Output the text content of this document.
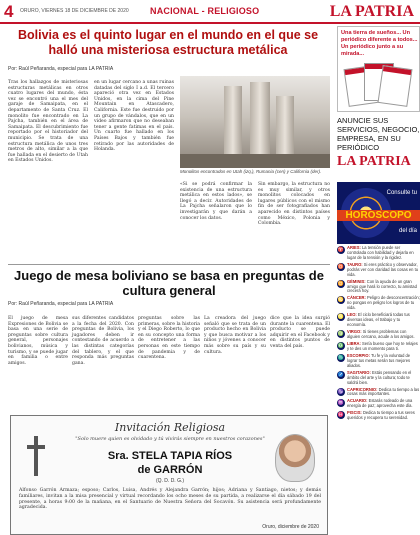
4 ORURO, VIERNES 18 DE DICIEMBRE DE 2020 NACIONAL - RELIGIOSO	LA PATRIA
Bolivia es el quinto lugar en el mundo en el que se halló una misteriosa estructura metálica
Por: Raúl Peñaranda, especial para LA PATRIA

Tras los hallazgos de misteriosas estructuras metálicas en otros cuatro lugares del mundo, ésta vez se encontró una el mes del garaje de Samaipata, en el departamento de Santa Cruz. El monolito fue encontrado en La Pajcha, también en el área de Samaipata. El descubrimiento fue reportado por el historiador del municipio. Se trata de una estructura metálica de unos tres metros de alto, similar a la que fue hallada en el desierto de Utah en Estados Unidos.

en un lugar cercano a unas ruinas datadas del siglo I a.d. El tercero apareció otra vez en Estados Unidos, en la cima del Pine Mountain en Atascadero, California. Este fue destruido por un grupo de vándalos, que en un video afirmaron que no deseaban tener a gente fatimas en el país. Un cuarto fue hallado en los Países Bajos y también fue retirado por las autoridades de Holanda.

Monolitos encontrados en Utah (izq.), Rumania (cen) y California (der).

«Si se podrá confirmar la existencia de una estructura metálica en estos lados», se llegó a decir. Autoridades de La Pajcha señalaron que lo investigarán y que darán a conocer los datos.

Sin embargo, la estructura no es muy similar, y otros monolitos colocados en lugares públicos con el mismo fin de ser fotografiados han aparecido en distintos países como México, Polonia y Colombia.

Juego de mesa boliviano se basa en preguntas de cultura general
Por: Raúl Peñaranda, especial para LA PATRIA

El juego de mesa Expresiones de Bolivia se basa en una serie de preguntas sobre cultura general, personajes bolivianos, música y turismo, y se puede jugar en familia o entre amigos.

sus diferentes candidatos a la fecha del 2020. Con preguntas de Bolivia, los jugadores deben ir contestando de acuerdo a las distintas categorías del tablero, y el que responda más preguntas gana.

preguntas sobre las primeras, sobre la historia y el Diego Roberto, lo que en su concepto una forma de entretener a las personas en este tiempo de pandemia y de cuarentena.

La creadora del juego señaló que se trata de un producto hecho en Bolivia y que busca motivar a los niños y jóvenes a conocer más sobre su país y su cultura.

dice que la idea surgió durante la cuarentena. El producto se puede adquirir en el Facebook y en distintos puntos de venta del país.

Invitación Religiosa
"Solo muere quien es olvidado y tú vivirás siempre en nuestros corazones"
Sra. STELA TAPIA RÍOS
de GARRÓN
(Q. D. D. G.)

Alfonso Garrón Armaza; esposo; Carlos, Luisa, Andrés y Alejandra Garrón; hijos; Adriana y Santiago, nietos; y demás familiares, invitan a la misa presencial y virtual recordando los ocho meses de su partida, a realizarse el día sábado 19 del presente, a horas 9:00 de la mañana, en el Santuario de Nuestra Señora del Socavón. Su asistencia será profundamente agradecida.

Oruro, diciembre de 2020
Una tierra de sueños... Un periódico diferente a todos... Un periódico junto a su mirada...
ANUNCIE SUS SERVICIOS, NEGOCIO, EMPRESA, EN SU PERIÓDICO
LA PATRIA
Consulte tu
HOROSCOPO
del día
♈ ARIES: La tensión puede ser controlada con habilidad y dejarla en lugar de la tensión y la rigidez.
♉ TAURO: Si eres práctico y observador, podrás ver con claridad las cosas en tu vida.
♊ GÉMINIS: Con la ayuda de un gran amigo que hará lo correcto, tu amistad crecerá hoy.
♋ CÁNCER: Peligro de desconcentración; no pongas en peligro los logros de tu vida.
♌ LEO: El ciclo beneficiará todas tus diversas ideas, el trabajo y tu economía.
♍ VIRGO: Si tienes problemas con alguien cercano, acude a los amigos.
♎ LIBRA: Sería bueno que hoy te relajes y te des un momento para ti.
♏ ESCORPIO: Tu fe y la voluntad de lograr tus metas serán tus mejores aliados.
♐ SAGITARIO: Estás pensando en el ámbito del arte y la cultura; todo te saldrá bien.
♑ CAPRICORNIO: Dedica tu tiempo a las cosas más importantes.
♒ ACUARIO: Estarás rodeado de una energía de paz; aprovecha este día.
♓ PISCIS: Dedica tu tiempo a tus seres queridos y recupera tu serenidad.
